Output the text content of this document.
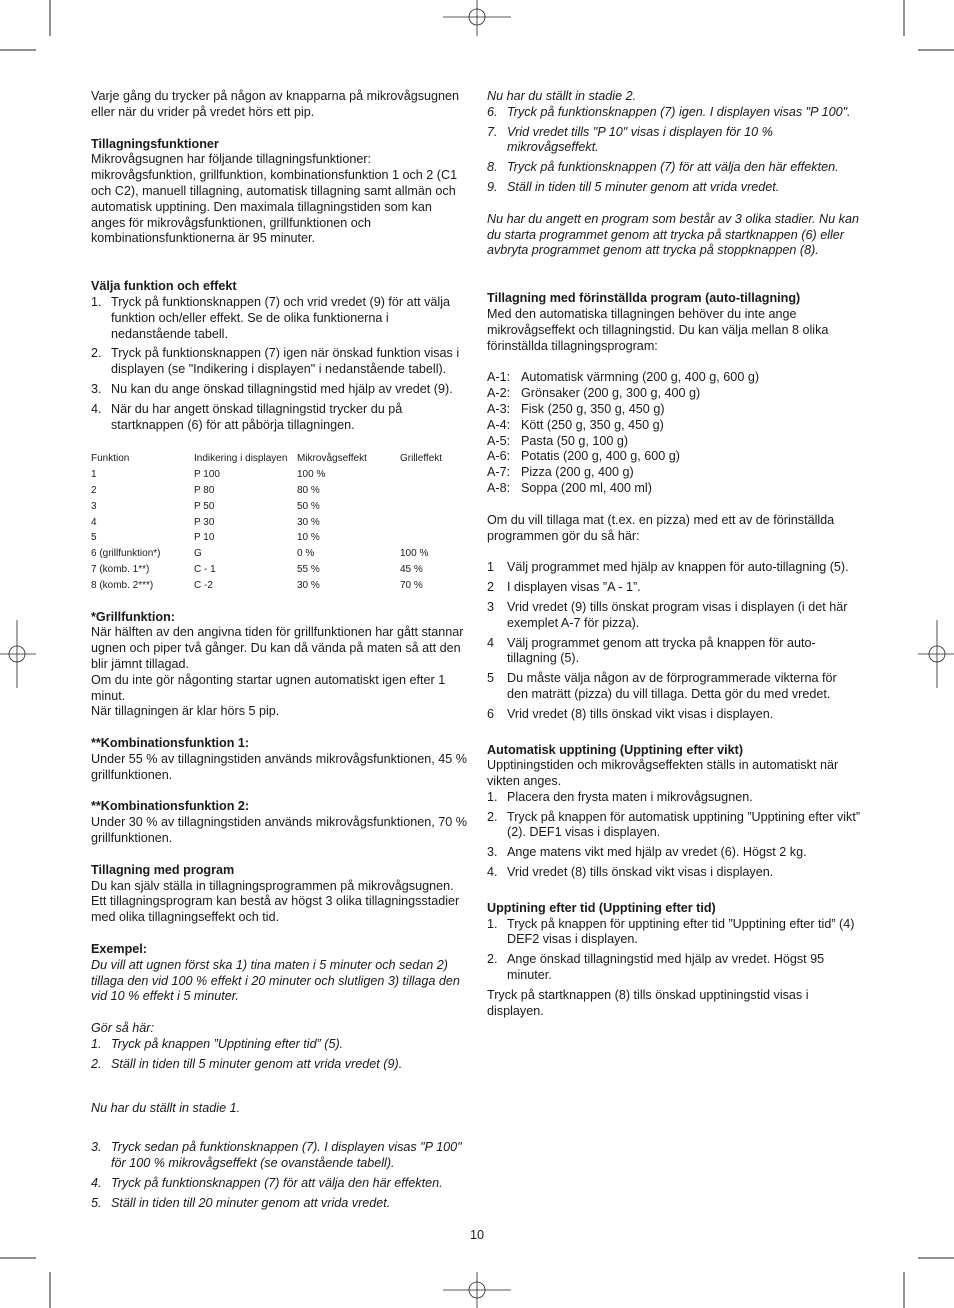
Varje gång du trycker på någon av knapparna på mikrovågsugnen eller när du vrider på vredet hörs ett pip.

Tillagningsfunktioner

Mikrovågsugnen har följande tillagningsfunktioner: mikrovågsfunktion, grillfunktion, kombinationsfunktion 1 och 2 (C1 och C2), manuell tillagning, automatisk tillagning samt allmän och automatisk upptining. Den maximala tillagningstiden som kan anges för mikrovågsfunktionen, grillfunktionen och kombinationsfunktionerna är 95 minuter.

Välja funktion och effekt

1. Tryck på funktionsknappen (7) och vrid vredet (9) för att välja funktion och/eller effekt. Se de olika funktionerna i nedanstående tabell.
2. Tryck på funktionsknappen (7) igen när önskad funktion visas i displayen (se "Indikering i displayen" i nedanstående tabell).
3. Nu kan du ange önskad tillagningstid med hjälp av vredet (9).
4. När du har angett önskad tillagningstid trycker du på startknappen (6) för att påbörja tillagningen.
Funktion	Indikering i displayen	Mikrovågseffekt	Grilleffekt
1	P 100	100 %	
2	P 80	80 %	
3	P 50	50 %	
4	P 30	30 %	
5	P 10	10 %	
6 (grillfunktion*)	G	0 %	100 %
7 (komb. 1**)	C - 1	55 %	45 %
8 (komb. 2***)	C -2	30 %	70 %

*Grillfunktion:

När hälften av den angivna tiden för grillfunktionen har gått stannar ugnen och piper två gånger. Du kan då vända på maten så att den blir jämnt tillagad.

Om du inte gör någonting startar ugnen automatiskt igen efter 1 minut.

När tillagningen är klar hörs 5 pip.

**Kombinationsfunktion 1:

Under 55 % av tillagningstiden används mikrovågsfunktionen, 45 % grillfunktionen.

**Kombinationsfunktion 2:

Under 30 % av tillagningstiden används mikrovågsfunktionen, 70 % grillfunktionen.

Tillagning med program

Du kan själv ställa in tillagningsprogrammen på mikrovågsugnen. Ett tillagningsprogram kan bestå av högst 3 olika tillagningsstadier med olika tillagningseffekt och tid.

Exempel:

Du vill att ugnen först ska 1) tina maten i 5 minuter och sedan 2) tillaga den vid 100 % effekt i 20 minuter och slutligen 3) tillaga den vid 10 % effekt i 5 minuter.

Gör så här:

1. Tryck på knappen ”Upptining efter tid” (5).
2. Ställ in tiden till 5 minuter genom att vrida vredet (9).

Nu har du ställt in stadie 1.

3. Tryck sedan på funktionsknappen (7). I displayen visas "P 100" för 100 % mikrovågseffekt (se ovanstående tabell).
4. Tryck på funktionsknappen (7) för att välja den här effekten.
5. Ställ in tiden till 20 minuter genom att vrida vredet.

Nu har du ställt in stadie 2.

6. Tryck på funktionsknappen (7) igen. I displayen visas "P 100".
7. Vrid vredet tills "P 10" visas i displayen för 10 % mikrovågseffekt.
8. Tryck på funktionsknappen (7) för att välja den här effekten.
9. Ställ in tiden till 5 minuter genom att vrida vredet.

Nu har du angett en program som består av 3 olika stadier. Nu kan du starta programmet genom att trycka på startknappen (6) eller avbryta programmet genom att trycka på stoppknappen (8).

Tillagning med förinställda program (auto-tillagning)

Med den automatiska tillagningen behöver du inte ange mikrovågseffekt och tillagningstid. Du kan välja mellan 8 olika förinställda tillagningsprogram:

A-1: Automatisk värmning (200 g, 400 g, 600 g)
A-2: Grönsaker (200 g, 300 g, 400 g)
A-3: Fisk (250 g, 350 g, 450 g)
A-4: Kött (250 g, 350 g, 450 g)
A-5: Pasta (50 g, 100 g)
A-6: Potatis (200 g, 400 g, 600 g)
A-7: Pizza (200 g, 400 g)
A-8: Soppa (200 ml, 400 ml)

Om du vill tillaga mat (t.ex. en pizza) med ett av de förinställda programmen gör du så här:

1 Välj programmet med hjälp av knappen för auto-tillagning (5).
2 I displayen visas ”A - 1”.
3 Vrid vredet (9) tills önskat program visas i displayen (i det här exemplet A-7 för pizza).
4 Välj programmet genom att trycka på knappen för auto-tillagning (5).
5 Du måste välja någon av de förprogrammerade vikterna för den maträtt (pizza) du vill tillaga. Detta gör du med vredet.
6 Vrid vredet (8) tills önskad vikt visas i displayen.

Automatisk upptining (Upptining efter vikt)

Upptiningstiden och mikrovågseffekten ställs in automatiskt när vikten anges.

1. Placera den frysta maten i mikrovågsugnen.
2. Tryck på knappen för automatisk upptining ”Upptining efter vikt” (2). DEF1 visas i displayen.
3. Ange matens vikt med hjälp av vredet (6). Högst 2 kg.
4. Vrid vredet (8) tills önskad vikt visas i displayen.

Upptining efter tid (Upptining efter tid)

1. Tryck på knappen för upptining efter tid ”Upptining efter tid” (4) DEF2 visas i displayen.
2. Ange önskad tillagningstid med hjälp av vredet. Högst 95 minuter.

Tryck på startknappen (8) tills önskad upptiningstid visas i displayen.

10
